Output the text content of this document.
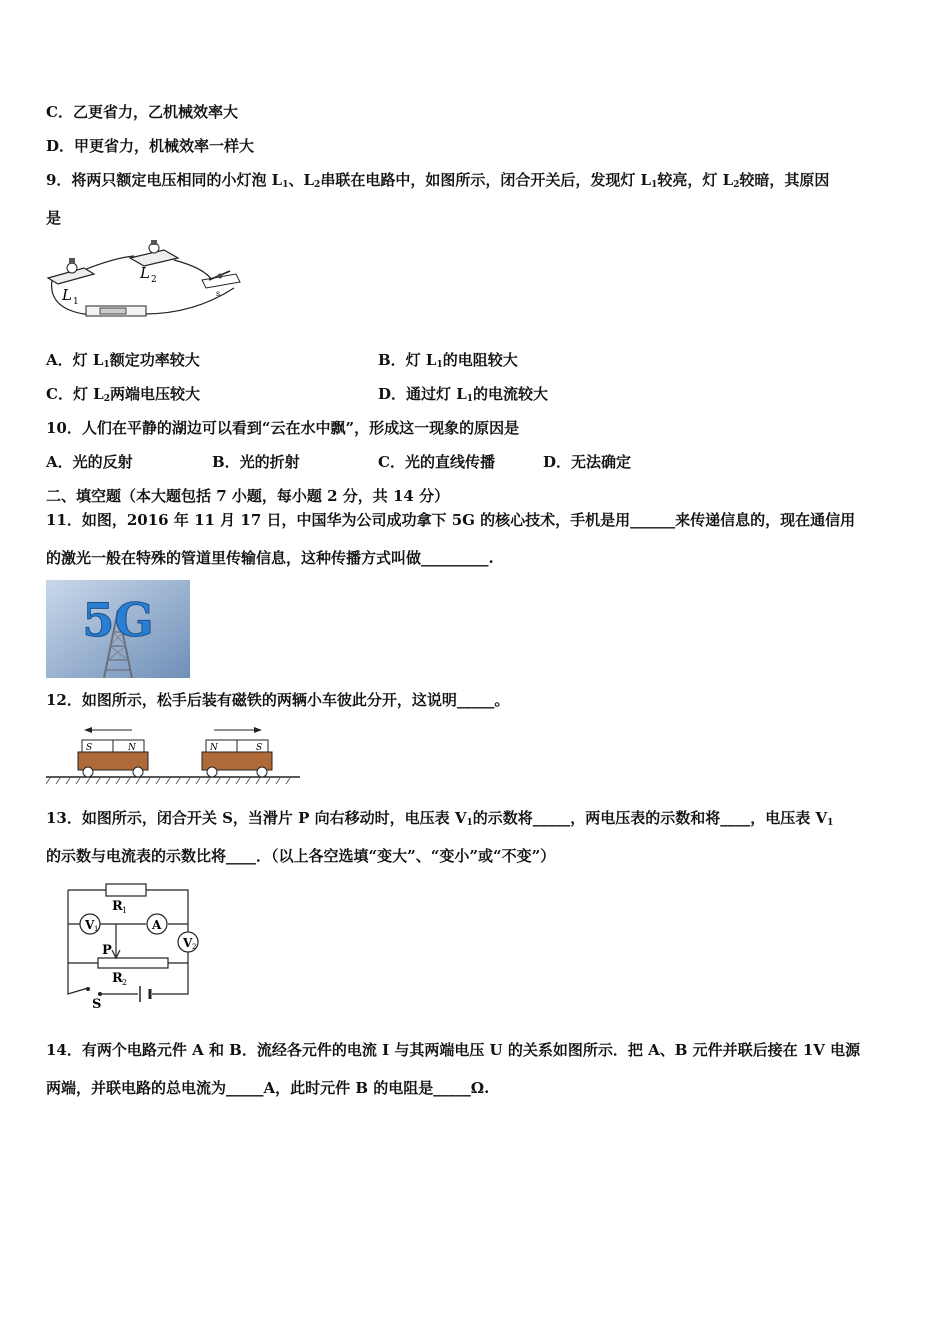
C．乙更省力，乙机械效率大
D．甲更省力，机械效率一样大
9．将两只额定电压相同的小灯泡 $L_1$、$L_2$串联在电路中，如图所示，闭合开关后，发现灯 $L_1$较亮，灯 $L_2$较暗，其原因
是
L 1
L 2
s
A．灯 $L_1$额定功率较大	B．灯 $L_1$的电阻较大
C．灯 $L_2$两端电压较大	D．通过灯 $L_1$的电流较大
10．人们在平静的湖边可以看到“云在水中飘”，形成这一现象的原因是
A．光的反射	B．光的折射	C．光的直线传播	D．无法确定
二、填空题（本大题包括 7 小题，每小题 2 分，共 14 分）
11．如图，2016 年 11 月 17 日，中国华为公司成功拿下 5G 的核心技术，手机是用______来传递信息的，现在通信用
的激光一般在特殊的管道里传输信息，这种传播方式叫做_________.
5G
12．如图所示，松手后装有磁铁的两辆小车彼此分开，这说明_____。
S	N	N	S
13．如图所示，闭合开关 S，当滑片 P 向右移动时，电压表 $V_1$的示数将_____，两电压表的示数和将____，电压表 $V_1$
的示数与电流表的示数比将____．（以上各空选填“变大”、“变小”或“不变”）
V 1	A
V 2
R 1
P
R 2
S
14．有两个电路元件 A 和 B．流经各元件的电流 I 与其两端电压 U 的关系如图所示．把 A、B 元件并联后接在 1V 电源
两端，并联电路的总电流为_____A，此时元件 B 的电阻是_____Ω.
